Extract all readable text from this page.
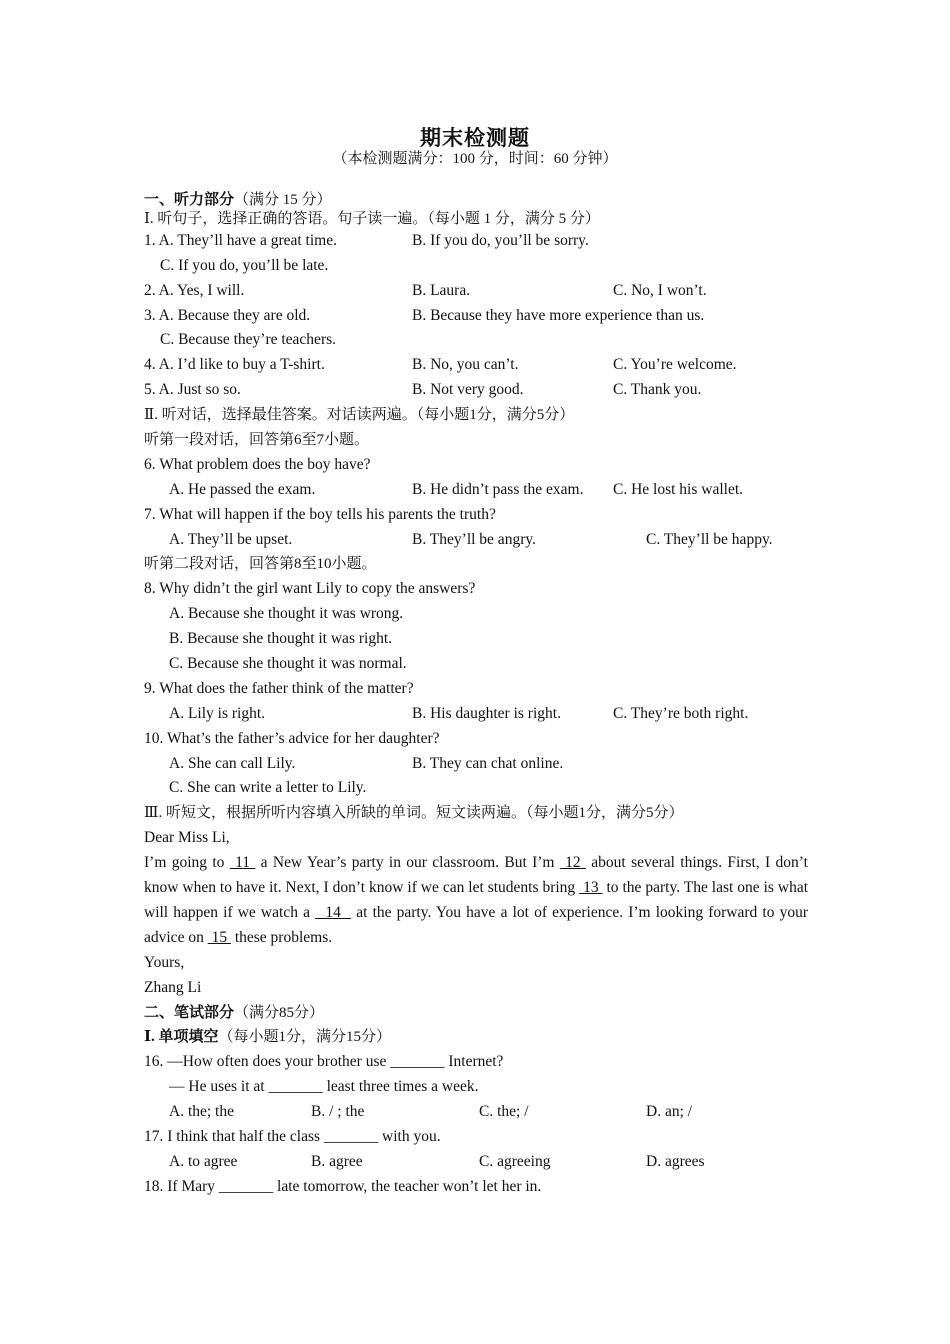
期末检测题
（本检测题满分：100 分，时间：60 分钟）
一、听力部分（满分 15 分）
Ⅰ. 听句子，选择正确的答语。句子读一遍。（每小题 1 分，满分 5 分）
1. A. They’ll have a great time.	B. If you do, you’ll be sorry.
C. If you do, you’ll be late.
2. A. Yes, I will.	B. Laura.	C. No, I won’t.
3. A. Because they are old.	B. Because they have more experience than us.
C. Because they’re teachers.
4. A. I’d like to buy a T-shirt.	B. No, you can’t.	C. You’re welcome.
5. A. Just so so.	B. Not very good.	C. Thank you.
Ⅱ. 听对话，选择最佳答案。对话读两遍。（每小题1分，满分5分）
听第一段对话，回答第6至7小题。
6. What problem does the boy have?
A. He passed the exam.	B. He didn’t pass the exam. C. He lost his wallet.
7. What will happen if the boy tells his parents the truth?
A. They’ll be upset.	B. They’ll be angry.	C. They’ll be happy.
听第二段对话，回答第8至10小题。
8. Why didn’t the girl want Lily to copy the answers?
A. Because she thought it was wrong.
B. Because she thought it was right.
C. Because she thought it was normal.
9. What does the father think of the matter?
A. Lily is right.	B. His daughter is right.	C. They’re both right.
10. What’s the father’s advice for her daughter?
A. She can call Lily.	B. They can chat online.
C. She can write a letter to Lily.
Ⅲ. 听短文，根据所听内容填入所缺的单词。短文读两遍。（每小题1分，满分5分）
Dear Miss Li,
I’m going to  11  a New Year’s party in our classroom. But I’m  12  about several things. First, I don’t know when to have it. Next, I don’t know if we can let students bring  13  to the party. The last one is what will happen if we watch a   14   at the party. You have a lot of experience. I’m looking forward to your advice on  15  these problems.
Yours,
Zhang Li
二、笔试部分（满分85分）
Ⅰ. 单项填空（每小题1分，满分15分）
16. —How often does your brother use _______ Internet?
— He uses it at _______ least three times a week.
A. the; the	B. / ; the	C. the; /	D. an; /
17. I think that half the class _______ with you.
A. to agree	B. agree	C. agreeing	D. agrees
18. If Mary _______ late tomorrow, the teacher won’t let her in.
